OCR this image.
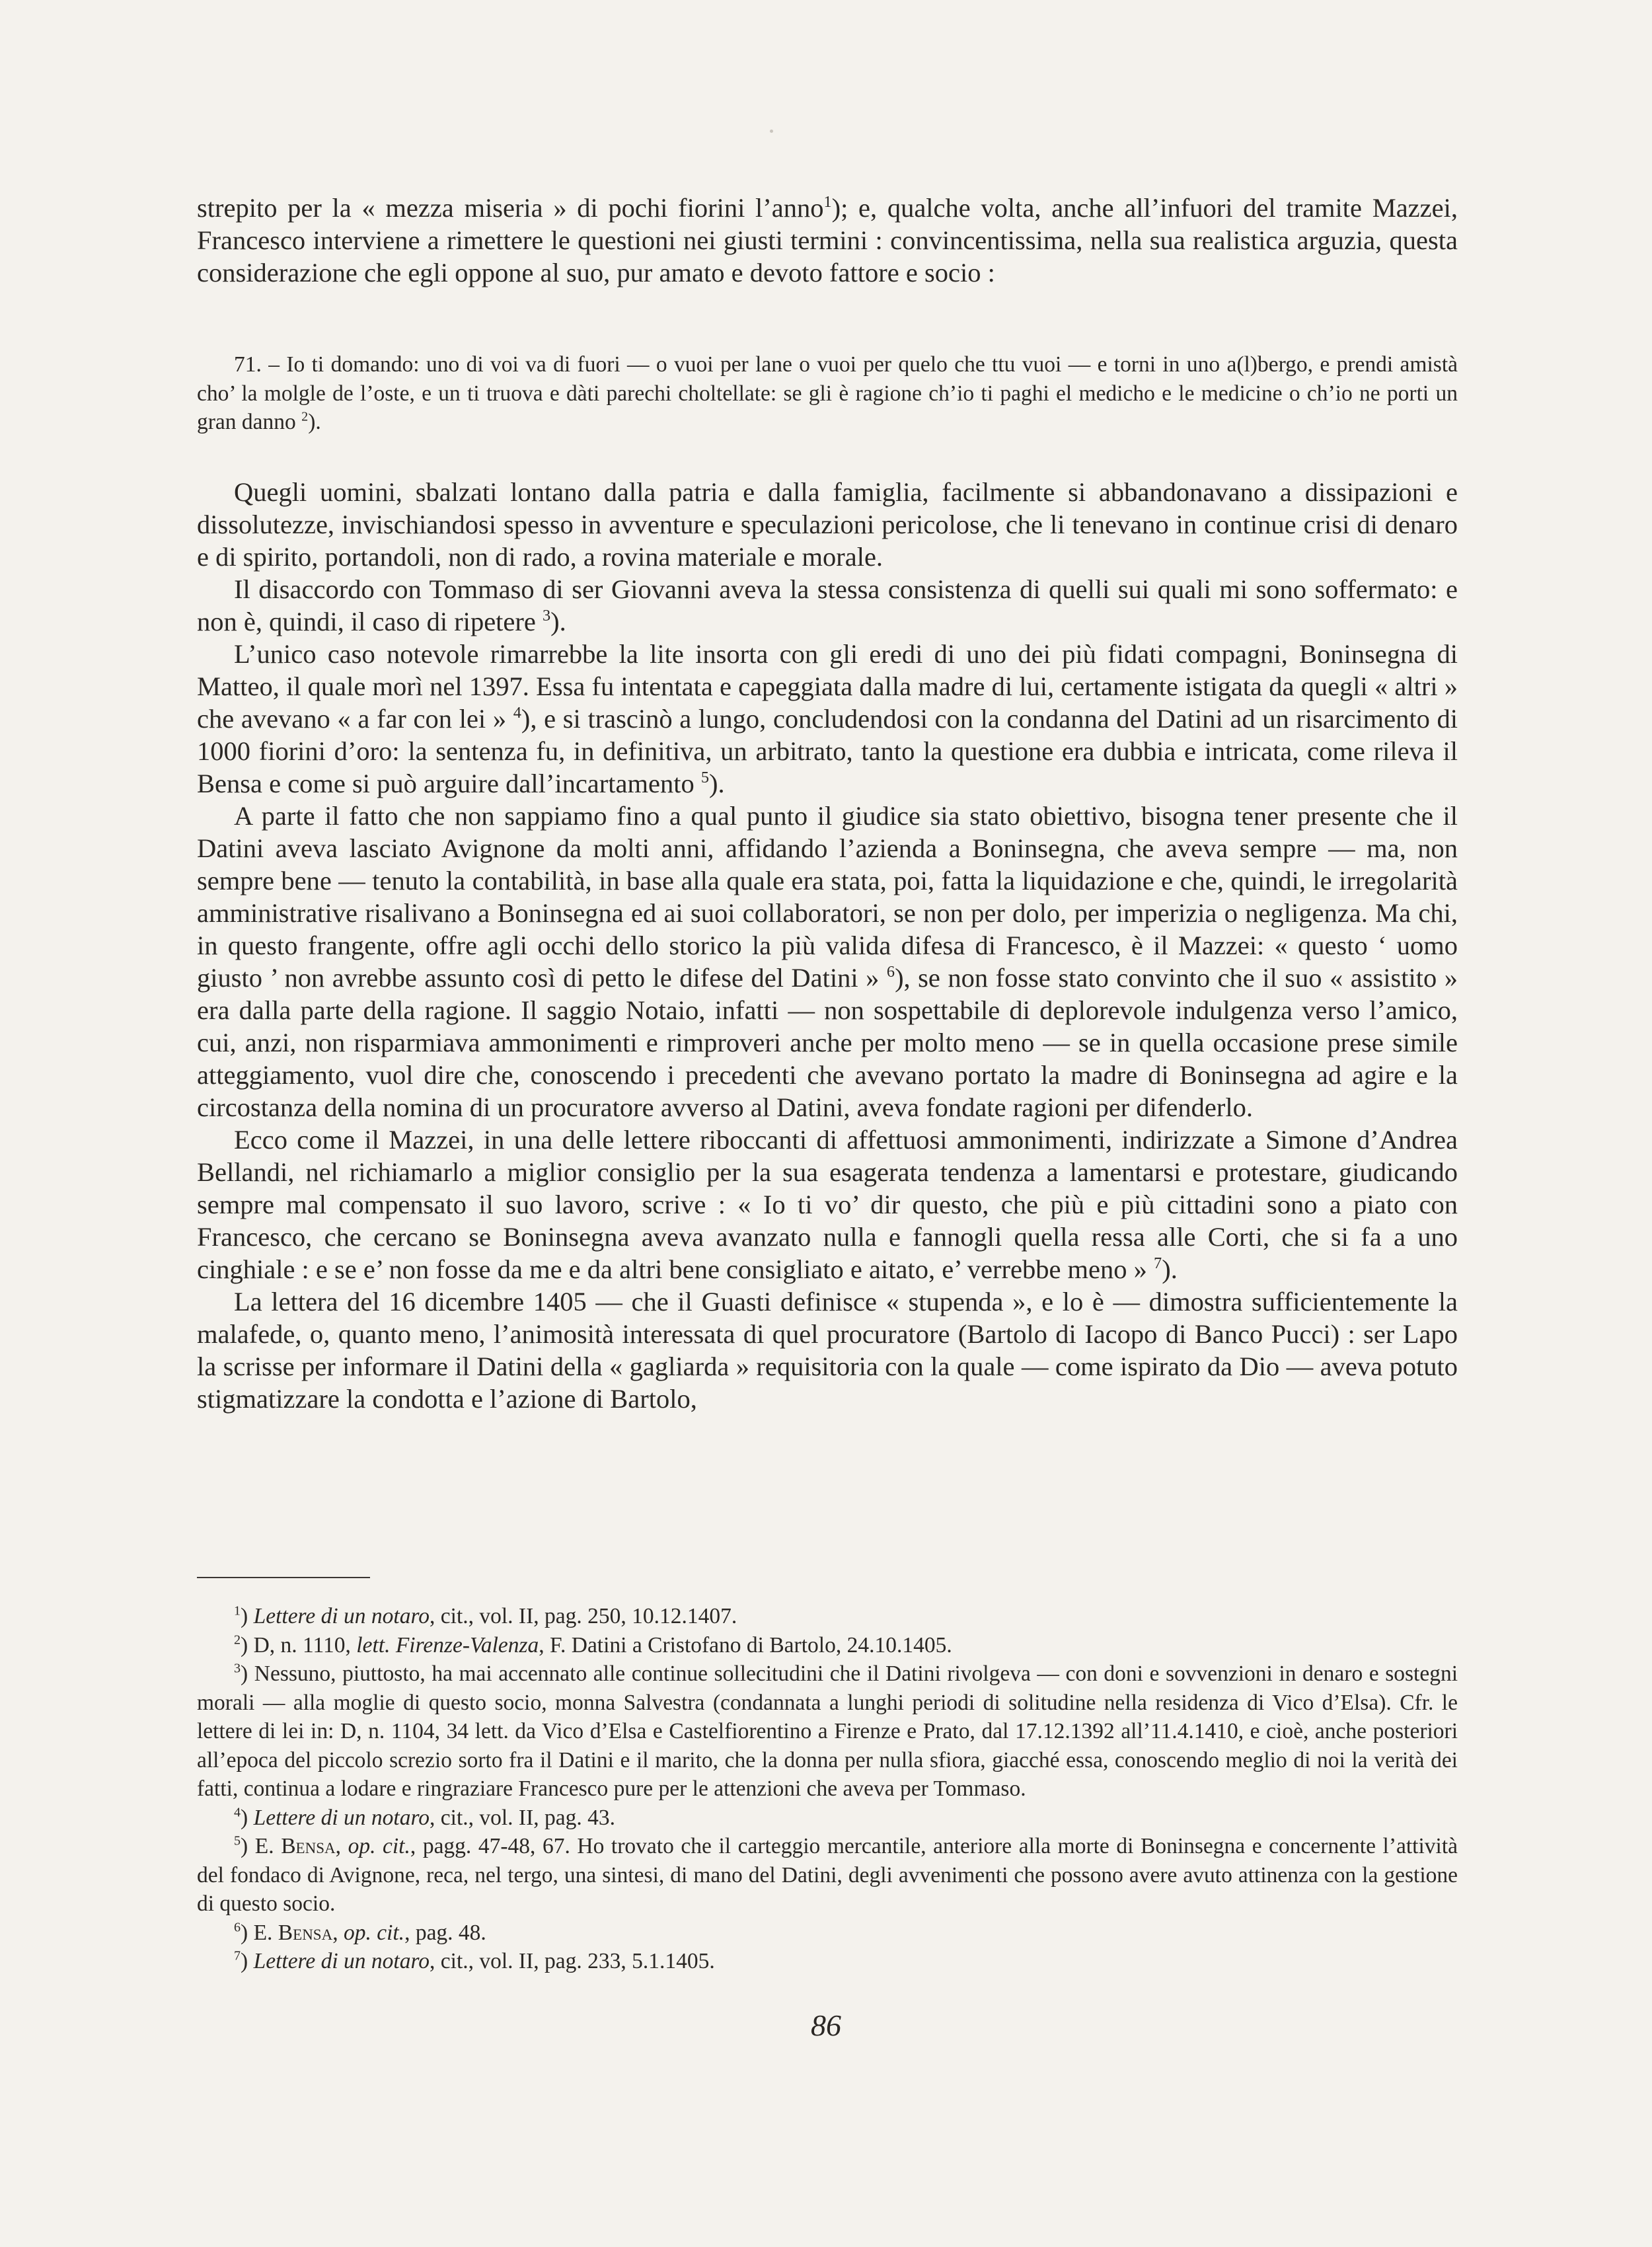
strepito per la « mezza miseria » di pochi fiorini l’anno$^1$); e, qualche volta, anche all’infuori del tramite Mazzei, Francesco interviene a rimettere le questioni nei giusti termini : convincentissima, nella sua realistica arguzia, questa considerazione che egli oppone al suo, pur amato e devoto fattore e socio :

71. – Io ti domando: uno di voi va di fuori — o vuoi per lane o vuoi per quelo che ttu vuoi — e torni in uno a(l)bergo, e prendi amistà cho’ la molgle de l’oste, e un ti truova e dàti parechi choltellate: se gli è ragione ch’io ti paghi el medicho e le medicine o ch’io ne porti un gran danno $^2$).

Quegli uomini, sbalzati lontano dalla patria e dalla famiglia, facilmente si abbandonavano a dissipazioni e dissolutezze, invischiandosi spesso in avventure e speculazioni pericolose, che li tenevano in continue crisi di denaro e di spirito, portandoli, non di rado, a rovina materiale e morale.

Il disaccordo con Tommaso di ser Giovanni aveva la stessa consistenza di quelli sui quali mi sono soffermato: e non è, quindi, il caso di ripetere $^3$).

L’unico caso notevole rimarrebbe la lite insorta con gli eredi di uno dei più fidati compagni, Boninsegna di Matteo, il quale morì nel 1397. Essa fu intentata e capeggiata dalla madre di lui, certamente istigata da quegli « altri » che avevano « a far con lei » $^4$), e si trascinò a lungo, concludendosi con la condanna del Datini ad un risarcimento di 1000 fiorini d’oro: la sentenza fu, in definitiva, un arbitrato, tanto la questione era dubbia e intricata, come rileva il Bensa e come si può arguire dall’incartamento $^5$).

A parte il fatto che non sappiamo fino a qual punto il giudice sia stato obiettivo, bisogna tener presente che il Datini aveva lasciato Avignone da molti anni, affidando l’azienda a Boninsegna, che aveva sempre — ma, non sempre bene — tenuto la contabilità, in base alla quale era stata, poi, fatta la liquidazione e che, quindi, le irregolarità amministrative risalivano a Boninsegna ed ai suoi collaboratori, se non per dolo, per imperizia o negligenza. Ma chi, in questo frangente, offre agli occhi dello storico la più valida difesa di Francesco, è il Mazzei: « questo ‘ uomo giusto ’ non avrebbe assunto così di petto le difese del Datini » $^6$), se non fosse stato convinto che il suo « assistito » era dalla parte della ragione. Il saggio Notaio, infatti — non sospettabile di deplorevole indulgenza verso l’amico, cui, anzi, non risparmiava ammonimenti e rimproveri anche per molto meno — se in quella occasione prese simile atteggiamento, vuol dire che, conoscendo i precedenti che avevano portato la madre di Boninsegna ad agire e la circostanza della nomina di un procuratore avverso al Datini, aveva fondate ragioni per difenderlo.

Ecco come il Mazzei, in una delle lettere riboccanti di affettuosi ammonimenti, indirizzate a Simone d’Andrea Bellandi, nel richiamarlo a miglior consiglio per la sua esagerata tendenza a lamentarsi e protestare, giudicando sempre mal compensato il suo lavoro, scrive : « Io ti vo’ dir questo, che più e più cittadini sono a piato con Francesco, che cercano se Boninsegna aveva avanzato nulla e fannogli quella ressa alle Corti, che si fa a uno cinghiale : e se e’ non fosse da me e da altri bene consigliato e aitato, e’ verrebbe meno » $^7$).

La lettera del 16 dicembre 1405 — che il Guasti definisce « stupenda », e lo è — dimostra sufficientemente la malafede, o, quanto meno, l’animosità interessata di quel procuratore (Bartolo di Iacopo di Banco Pucci) : ser Lapo la scrisse per informare il Datini della « gagliarda » requisitoria con la quale — come ispirato da Dio — aveva potuto stigmatizzare la condotta e l’azione di Bartolo,

$^1$) Lettere di un notaro, cit., vol. II, pag. 250, 10.12.1407.

$^2$) D, n. 1110, lett. Firenze-Valenza, F. Datini a Cristofano di Bartolo, 24.10.1405.

$^3$) Nessuno, piuttosto, ha mai accennato alle continue sollecitudini che il Datini rivolgeva — con doni e sovvenzioni in denaro e sostegni morali — alla moglie di questo socio, monna Salvestra (condannata a lunghi periodi di solitudine nella residenza di Vico d’Elsa). Cfr. le lettere di lei in: D, n. 1104, 34 lett. da Vico d’Elsa e Castelfiorentino a Firenze e Prato, dal 17.12.1392 all’11.4.1410, e cioè, anche posteriori all’epoca del piccolo screzio sorto fra il Datini e il marito, che la donna per nulla sfiora, giacché essa, conoscendo meglio di noi la verità dei fatti, continua a lodare e ringraziare Francesco pure per le attenzioni che aveva per Tommaso.

$^4$) Lettere di un notaro, cit., vol. II, pag. 43.

$^5$) E. Bensa, op. cit., pagg. 47-48, 67. Ho trovato che il carteggio mercantile, anteriore alla morte di Boninsegna e concernente l’attività del fondaco di Avignone, reca, nel tergo, una sintesi, di mano del Datini, degli avvenimenti che possono avere avuto attinenza con la gestione di questo socio.

$^6$) E. Bensa, op. cit., pag. 48.

$^7$) Lettere di un notaro, cit., vol. II, pag. 233, 5.1.1405.

86
